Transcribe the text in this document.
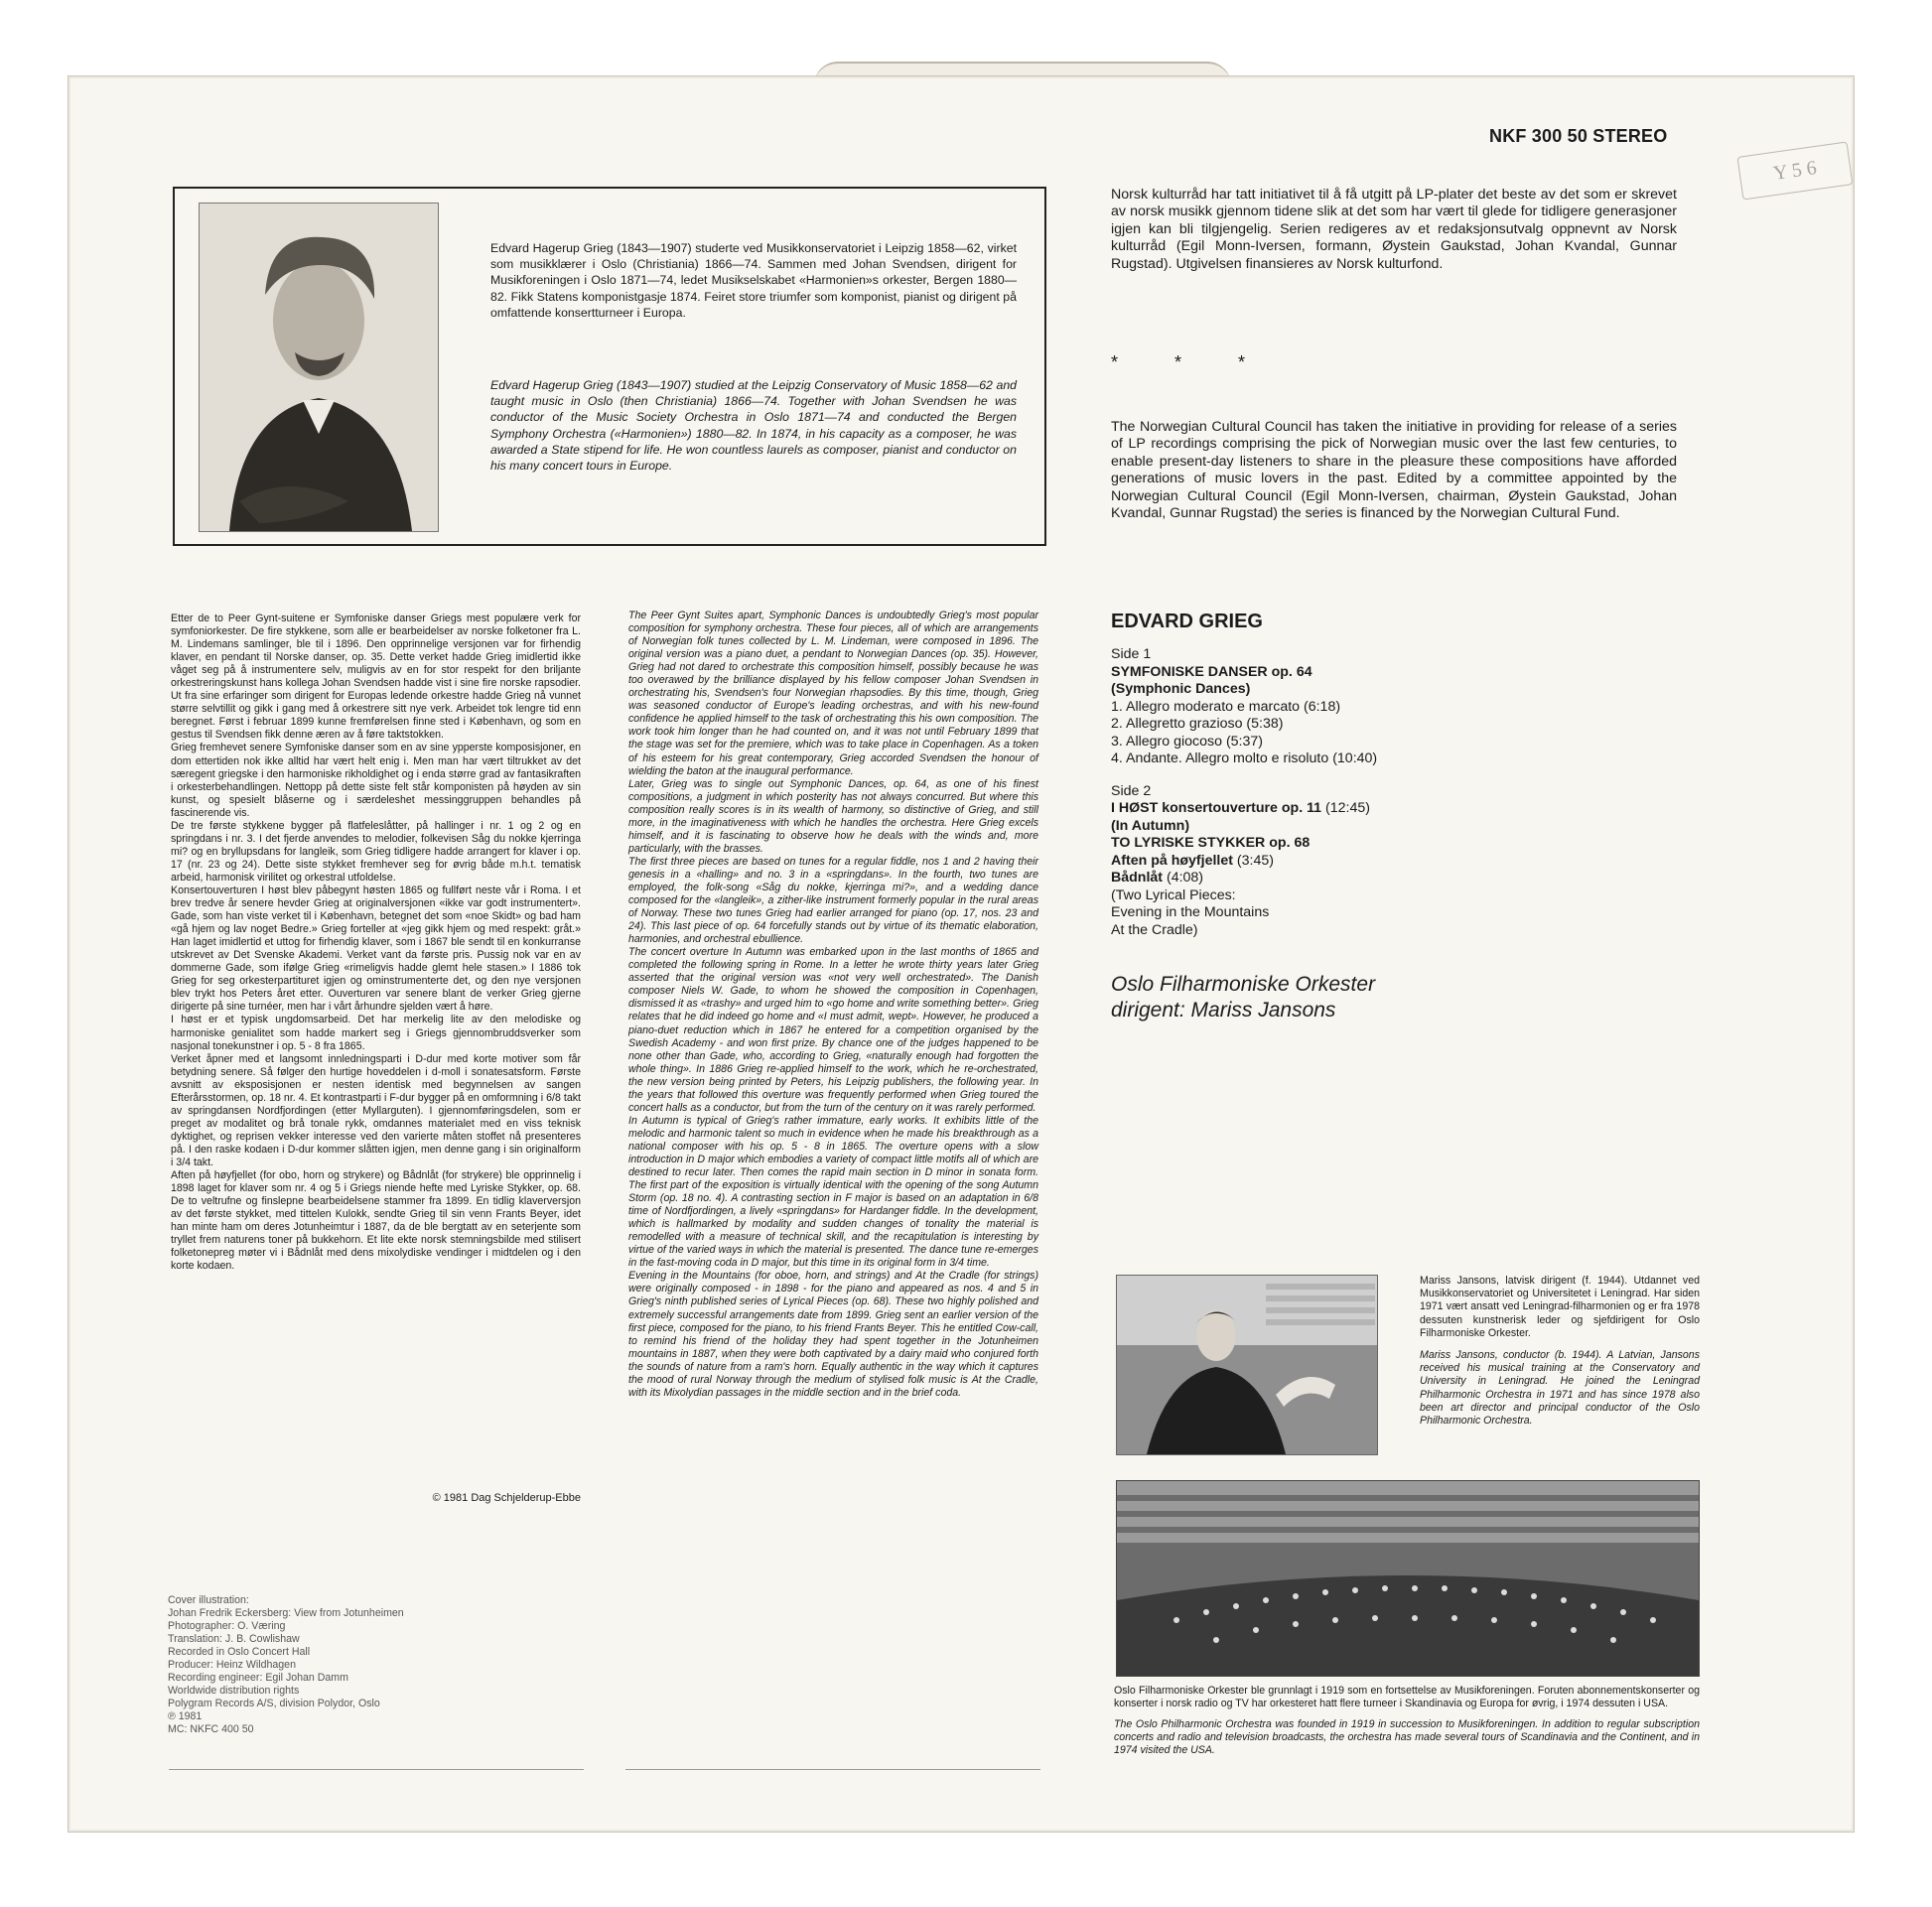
NKF 300 50 STEREO
Y 5 6
Edvard Hagerup Grieg (1843—1907) studerte ved Musikkonservatoriet i Leipzig 1858—62, virket som musikklærer i Oslo (Christiania) 1866—74. Sammen med Johan Svendsen, dirigent for Musikforeningen i Oslo 1871—74, ledet Musikselskabet «Harmonien»s orkester, Bergen 1880—82. Fikk Statens komponistgasje 1874. Feiret store triumfer som komponist, pianist og dirigent på omfattende konsertturneer i Europa.
Edvard Hagerup Grieg (1843—1907) studied at the Leipzig Conservatory of Music 1858—62 and taught music in Oslo (then Christiania) 1866—74. Together with Johan Svendsen he was conductor of the Music Society Orchestra in Oslo 1871—74 and conducted the Bergen Symphony Orchestra («Harmonien») 1880—82. In 1874, in his capacity as a composer, he was awarded a State stipend for life. He won countless laurels as composer, pianist and conductor on his many concert tours in Europe.
Norsk kulturråd har tatt initiativet til å få utgitt på LP-plater det beste av det som er skrevet av norsk musikk gjennom tidene slik at det som har vært til glede for tidligere generasjoner igjen kan bli tilgjengelig. Serien redigeres av et redaksjonsutvalg oppnevnt av Norsk kulturråd (Egil Monn-Iversen, formann, Øystein Gaukstad, Johan Kvandal, Gunnar Rugstad). Utgivelsen finansieres av Norsk kulturfond.
* * *
The Norwegian Cultural Council has taken the initiative in providing for release of a series of LP recordings comprising the pick of Norwegian music over the last few centuries, to enable present-day listeners to share in the pleasure these compositions have afforded generations of music lovers in the past. Edited by a committee appointed by the Norwegian Cultural Council (Egil Monn-Iversen, chairman, Øystein Gaukstad, Johan Kvandal, Gunnar Rugstad) the series is financed by the Norwegian Cultural Fund.

Etter de to Peer Gynt-suitene er Symfoniske danser Griegs mest populære verk for symfoniorkester. De fire stykkene, som alle er bearbeidelser av norske folketoner fra L. M. Lindemans samlinger, ble til i 1896. Den opprinnelige versjonen var for firhendig klaver, en pendant til Norske danser, op. 35. Dette verket hadde Grieg imidlertid ikke våget seg på å instrumentere selv, muligvis av en for stor respekt for den briljante orkestreringskunst hans kollega Johan Svendsen hadde vist i sine fire norske rapsodier. Ut fra sine erfaringer som dirigent for Europas ledende orkestre hadde Grieg nå vunnet større selvtillit og gikk i gang med å orkestrere sitt nye verk. Arbeidet tok lengre tid enn beregnet. Først i februar 1899 kunne fremførelsen finne sted i København, og som en gestus til Svendsen fikk denne æren av å føre taktstokken.

Grieg fremhevet senere Symfoniske danser som en av sine ypperste komposisjoner, en dom ettertiden nok ikke alltid har vært helt enig i. Men man har vært tiltrukket av det særegent griegske i den harmoniske rikholdighet og i enda større grad av fantasikraften i orkesterbehandlingen. Nettopp på dette siste felt står komponisten på høyden av sin kunst, og spesielt blåserne og i særdeleshet messinggruppen behandles på fascinerende vis.

De tre første stykkene bygger på flatfeleslåtter, på hallinger i nr. 1 og 2 og en springdans i nr. 3. I det fjerde anvendes to melodier, folkevisen Såg du nokke kjerringa mi? og en bryllupsdans for langleik, som Grieg tidligere hadde arrangert for klaver i op. 17 (nr. 23 og 24). Dette siste stykket fremhever seg for øvrig både m.h.t. tematisk arbeid, harmonisk virilitet og orkestral utfoldelse.

Konsertouverturen I høst blev påbegynt høsten 1865 og fullført neste vår i Roma. I et brev tredve år senere hevder Grieg at originalversjonen «ikke var godt instrumentert». Gade, som han viste verket til i København, betegnet det som «noe Skidt» og bad ham «gå hjem og lav noget Bedre.» Grieg forteller at «jeg gikk hjem og med respekt: gråt.» Han laget imidlertid et uttog for firhendig klaver, som i 1867 ble sendt til en konkurranse utskrevet av Det Svenske Akademi. Verket vant da første pris. Pussig nok var en av dommerne Gade, som ifølge Grieg «rimeligvis hadde glemt hele stasen.» I 1886 tok Grieg for seg orkesterpartituret igjen og ominstrumenterte det, og den nye versjonen blev trykt hos Peters året etter. Ouverturen var senere blant de verker Grieg gjerne dirigerte på sine turnéer, men har i vårt århundre sjelden vært å høre.

I høst er et typisk ungdomsarbeid. Det har merkelig lite av den melodiske og harmoniske genialitet som hadde markert seg i Griegs gjennombruddsverker som nasjonal tonekunstner i op. 5 - 8 fra 1865.

Verket åpner med et langsomt innledningsparti i D-dur med korte motiver som får betydning senere. Så følger den hurtige hoveddelen i d-moll i sonatesatsform. Første avsnitt av eksposisjonen er nesten identisk med begynnelsen av sangen Efterårsstormen, op. 18 nr. 4. Et kontrastparti i F-dur bygger på en omformning i 6/8 takt av springdansen Nordfjordingen (etter Myllarguten). I gjennomføringsdelen, som er preget av modalitet og brå tonale rykk, omdannes materialet med en viss teknisk dyktighet, og reprisen vekker interesse ved den varierte måten stoffet nå presenteres på. I den raske kodaen i D-dur kommer slåtten igjen, men denne gang i sin originalform i 3/4 takt.

Aften på høyfjellet (for obo, horn og strykere) og Bådnlåt (for strykere) ble opprinnelig i 1898 laget for klaver som nr. 4 og 5 i Griegs niende hefte med Lyriske Stykker, op. 68. De to veltrufne og finslepne bearbeidelsene stammer fra 1899. En tidlig klaverversjon av det første stykket, med tittelen Kulokk, sendte Grieg til sin venn Frants Beyer, idet han minte ham om deres Jotunheimtur i 1887, da de ble bergtatt av en seterjente som tryllet frem naturens toner på bukkehorn. Et lite ekte norsk stemningsbilde med stilisert folketonepreg møter vi i Bådnlåt med dens mixolydiske vendinger i midtdelen og i den korte kodaen.

© 1981 Dag Schjelderup-Ebbe

The Peer Gynt Suites apart, Symphonic Dances is undoubtedly Grieg's most popular composition for symphony orchestra. These four pieces, all of which are arrangements of Norwegian folk tunes collected by L. M. Lindeman, were composed in 1896. The original version was a piano duet, a pendant to Norwegian Dances (op. 35). However, Grieg had not dared to orchestrate this composition himself, possibly because he was too overawed by the brilliance displayed by his fellow composer Johan Svendsen in orchestrating his, Svendsen's four Norwegian rhapsodies. By this time, though, Grieg was seasoned conductor of Europe's leading orchestras, and with his new-found confidence he applied himself to the task of orchestrating this his own composition. The work took him longer than he had counted on, and it was not until February 1899 that the stage was set for the premiere, which was to take place in Copenhagen. As a token of his esteem for his great contemporary, Grieg accorded Svendsen the honour of wielding the baton at the inaugural performance.

Later, Grieg was to single out Symphonic Dances, op. 64, as one of his finest compositions, a judgment in which posterity has not always concurred. But where this composition really scores is in its wealth of harmony, so distinctive of Grieg, and still more, in the imaginativeness with which he handles the orchestra. Here Grieg excels himself, and it is fascinating to observe how he deals with the winds and, more particularly, with the brasses.

The first three pieces are based on tunes for a regular fiddle, nos 1 and 2 having their genesis in a «halling» and no. 3 in a «springdans». In the fourth, two tunes are employed, the folk-song «Såg du nokke, kjerringa mi?», and a wedding dance composed for the «langleik», a zither-like instrument formerly popular in the rural areas of Norway. These two tunes Grieg had earlier arranged for piano (op. 17, nos. 23 and 24). This last piece of op. 64 forcefully stands out by virtue of its thematic elaboration, harmonies, and orchestral ebullience.

The concert overture In Autumn was embarked upon in the last months of 1865 and completed the following spring in Rome. In a letter he wrote thirty years later Grieg asserted that the original version was «not very well orchestrated». The Danish composer Niels W. Gade, to whom he showed the composition in Copenhagen, dismissed it as «trashy» and urged him to «go home and write something better». Grieg relates that he did indeed go home and «I must admit, wept». However, he produced a piano-duet reduction which in 1867 he entered for a competition organised by the Swedish Academy - and won first prize. By chance one of the judges happened to be none other than Gade, who, according to Grieg, «naturally enough had forgotten the whole thing». In 1886 Grieg re-applied himself to the work, which he re-orchestrated, the new version being printed by Peters, his Leipzig publishers, the following year. In the years that followed this overture was frequently performed when Grieg toured the concert halls as a conductor, but from the turn of the century on it was rarely performed.

In Autumn is typical of Grieg's rather immature, early works. It exhibits little of the melodic and harmonic talent so much in evidence when he made his breakthrough as a national composer with his op. 5 - 8 in 1865. The overture opens with a slow introduction in D major which embodies a variety of compact little motifs all of which are destined to recur later. Then comes the rapid main section in D minor in sonata form. The first part of the exposition is virtually identical with the opening of the song Autumn Storm (op. 18 no. 4). A contrasting section in F major is based on an adaptation in 6/8 time of Nordfjordingen, a lively «springdans» for Hardanger fiddle. In the development, which is hallmarked by modality and sudden changes of tonality the material is remodelled with a measure of technical skill, and the recapitulation is interesting by virtue of the varied ways in which the material is presented. The dance tune re-emerges in the fast-moving coda in D major, but this time in its original form in 3/4 time.

Evening in the Mountains (for oboe, horn, and strings) and At the Cradle (for strings) were originally composed - in 1898 - for the piano and appeared as nos. 4 and 5 in Grieg's ninth published series of Lyrical Pieces (op. 68). These two highly polished and extremely successful arrangements date from 1899. Grieg sent an earlier version of the first piece, composed for the piano, to his friend Frants Beyer. This he entitled Cow-call, to remind his friend of the holiday they had spent together in the Jotunheimen mountains in 1887, when they were both captivated by a dairy maid who conjured forth the sounds of nature from a ram's horn. Equally authentic in the way which it captures the mood of rural Norway through the medium of stylised folk music is At the Cradle, with its Mixolydian passages in the middle section and in the brief coda.

Cover illustration:
Johan Fredrik Eckersberg: View from Jotunheimen
Photographer: O. Væring
Translation: J. B. Cowlishaw
Recorded in Oslo Concert Hall
Producer: Heinz Wildhagen
Recording engineer: Egil Johan Damm
Worldwide distribution rights
Polygram Records A/S, division Polydor, Oslo
℗ 1981
MC: NKFC 400 50
EDVARD GRIEG
Side 1
SYMFONISKE DANSER op. 64
(Symphonic Dances)
1. Allegro moderato e marcato (6:18)
2. Allegretto grazioso (5:38)
3. Allegro giocoso (5:37)
4. Andante. Allegro molto e risoluto (10:40)
Side 2
I HØST konsertouverture op. 11 (12:45)
(In Autumn)
TO LYRISKE STYKKER op. 68
Aften på høyfjellet (3:45)
Bådnlåt (4:08)
(Two Lyrical Pieces:
Evening in the Mountains
At the Cradle)
Oslo Filharmoniske Orkester
dirigent: Mariss Jansons

Mariss Jansons, latvisk dirigent (f. 1944). Utdannet ved Musikkonservatoriet og Universitetet i Leningrad. Har siden 1971 vært ansatt ved Leningrad-filharmonien og er fra 1978 dessuten kunstnerisk leder og sjefdirigent for Oslo Filharmoniske Orkester.

Mariss Jansons, conductor (b. 1944). A Latvian, Jansons received his musical training at the Conservatory and University in Leningrad. He joined the Leningrad Philharmonic Orchestra in 1971 and has since 1978 also been art director and principal conductor of the Oslo Philharmonic Orchestra.

Oslo Filharmoniske Orkester ble grunnlagt i 1919 som en fortsettelse av Musikforeningen. Foruten abonnementskonserter og konserter i norsk radio og TV har orkesteret hatt flere turneer i Skandinavia og Europa for øvrig, i 1974 dessuten i USA.

The Oslo Philharmonic Orchestra was founded in 1919 in succession to Musikforeningen. In addition to regular subscription concerts and radio and television broadcasts, the orchestra has made several tours of Scandinavia and the Continent, and in 1974 visited the USA.
